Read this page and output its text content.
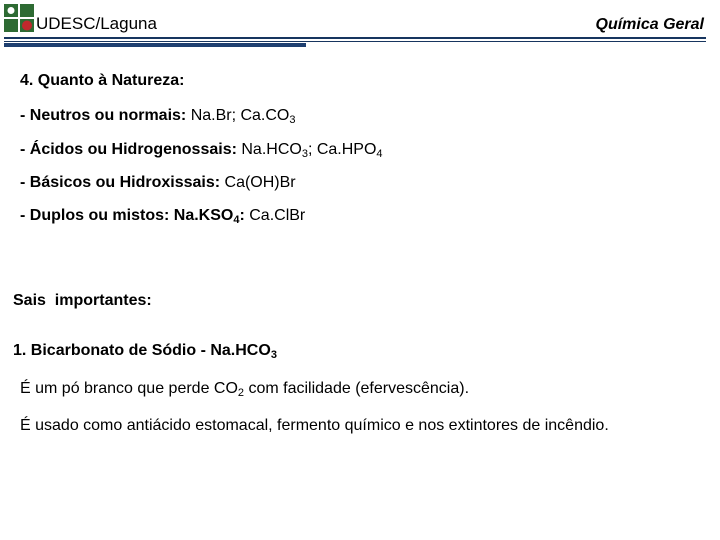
UDESC/Laguna	Química Geral
4. Quanto à Natureza:
- Neutros ou normais: Na.Br; $Ca.CO_3$
- Ácidos ou Hidrogenossais: $Na.HCO_3$; $Ca.HPO_4$
- Básicos ou Hidroxissais: Ca(OH)Br
- Duplos ou mistos: $Na.KSO_4$: Ca.ClBr
Sais  importantes:
1. Bicarbonato de Sódio - $Na.HCO_3$
É um pó branco que perde $CO_2$ com facilidade (efervescência).
É usado como antiácido estomacal, fermento químico e nos extintores de incêndio.
